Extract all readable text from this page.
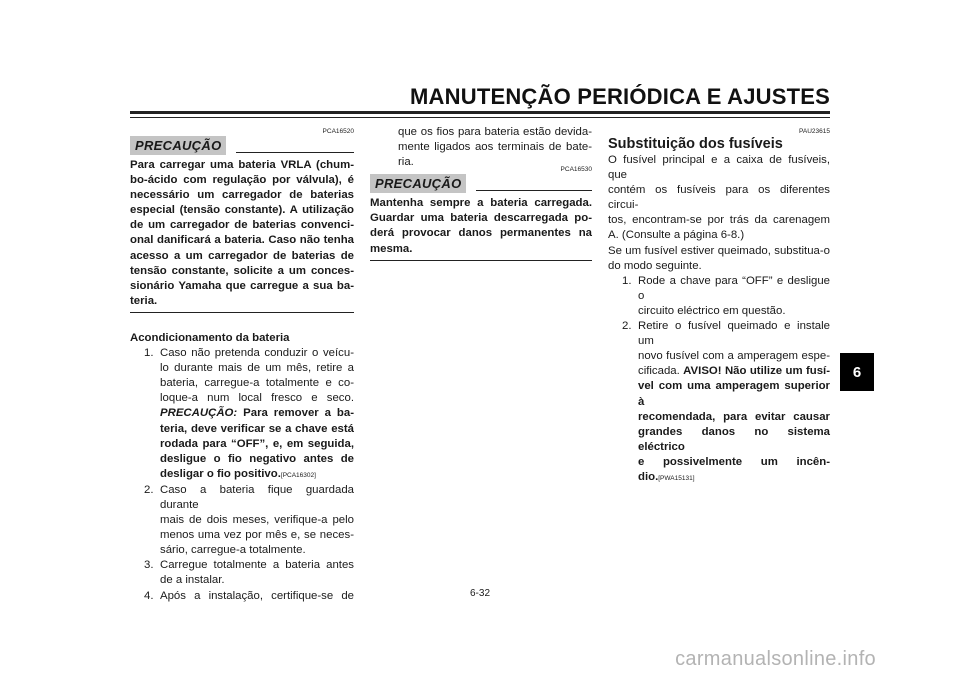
MANUTENÇÃO PERIÓDICA E AJUSTES
6
PCA16520
PRECAUÇÃO

Para carregar uma bateria VRLA (chum-

bo-ácido com regulação por válvula), é

necessário um carregador de baterias

especial (tensão constante). A utilização

de um carregador de baterias convenci-

onal danificará a bateria. Caso não tenha

acesso a um carregador de baterias de

tensão constante, solicite a um conces-

sionário Yamaha que carregue a sua ba-

teria.

Acondicionamento da bateria
1. Caso não pretenda conduzir o veícu-

lo durante mais de um mês, retire a

bateria, carregue-a totalmente e co-

loque-a num local fresco e seco.

PRECAUÇÃO: Para remover a ba-

teria, deve verificar se a chave está

rodada para “OFF”, e, em seguida,

desligue o fio negativo antes de

desligar o fio positivo.[PCA16302]

2. Caso a bateria fique guardada durante

mais de dois meses, verifique-a pelo

menos uma vez por mês e, se neces-

sário, carregue-a totalmente.

3. Carregue totalmente a bateria antes

de a instalar.

4. Após a instalação, certifique-se de

que os fios para bateria estão devida-

mente ligados aos terminais de bate-

ria.

PCA16530
PRECAUÇÃO

Mantenha sempre a bateria carregada.

Guardar uma bateria descarregada po-

derá provocar danos permanentes na

mesma.

PAU23615
Substituição dos fusíveis

O fusível principal e a caixa de fusíveis, que

contém os fusíveis para os diferentes circui-

tos, encontram-se por trás da carenagem

A. (Consulte a página 6-8.)

Se um fusível estiver queimado, substitua-o

do modo seguinte.

1. Rode a chave para “OFF” e desligue o

circuito eléctrico em questão.

2. Retire o fusível queimado e instale um

novo fusível com a amperagem espe-

cificada. AVISO! Não utilize um fusí-

vel com uma amperagem superior à

recomendada, para evitar causar

grandes danos no sistema eléctrico

e possivelmente um incên-

dio.[PWA15131]

6-32
carmanualsonline.info
